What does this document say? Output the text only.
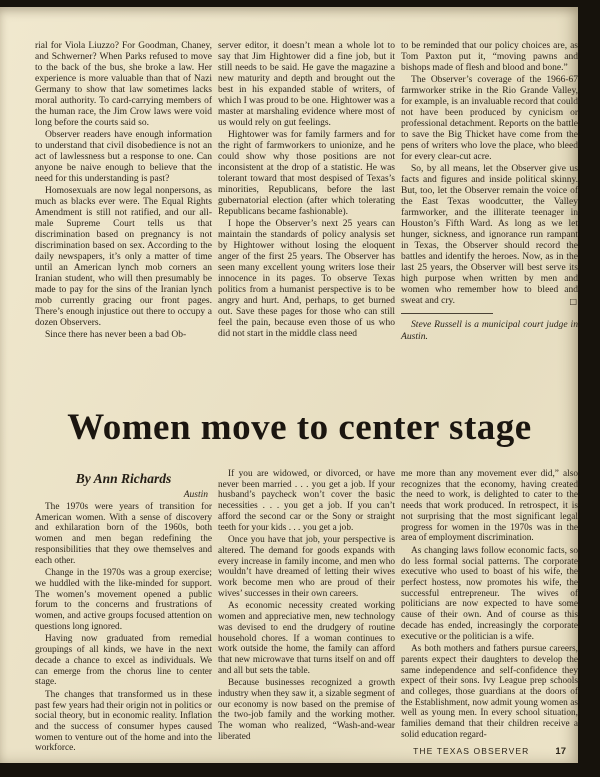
rial for Viola Liuzzo? For Goodman, Chaney, and Schwerner? When Parks refused to move to the back of the bus, she broke a law. Her experience is more valuable than that of Nazi Germany to show that law sometimes lacks moral authority. To card-carrying members of the human race, the Jim Crow laws were void long before the courts said so.

Observer readers have enough information to understand that civil disobedience is not an act of lawlessness but a response to one. Can anyone be naive enough to believe that the need for this understanding is past?

Homosexuals are now legal nonpersons, as much as blacks ever were. The Equal Rights Amendment is still not ratified, and our all-male Supreme Court tells us that discrimination based on pregnancy is not discrimination based on sex. According to the daily newspapers, it’s only a matter of time until an American lynch mob corners an Iranian student, who will then presumably be made to pay for the sins of the Iranian lynch mob currently gracing our front pages. There’s enough injustice out there to occupy a dozen Observers.

Since there has never been a bad Ob-

server editor, it doesn’t mean a whole lot to say that Jim Hightower did a fine job, but it still needs to be said. He gave the magazine a new maturity and depth and brought out the best in his expanded stable of writers, of which I was proud to be one. Hightower was a master at marshaling evidence where most of us would rely on gut feelings.

Hightower was for family farmers and for the right of farmworkers to unionize, and he could show why those positions are not inconsistent at the drop of a statistic. He was tolerant toward that most despised of Texas’s minorities, Republicans, before the last gubernatorial election (after which tolerating Republicans became fashionable).

I hope the Observer’s next 25 years can maintain the standards of policy analysis set by Hightower without losing the eloquent anger of the first 25 years. The Observer has seen many excellent young writers lose their innocence in its pages. To observe Texas politics from a humanist perspective is to be angry and hurt. And, perhaps, to get burned out. Save these pages for those who can still feel the pain, because even those of us who did not start in the middle class need

to be reminded that our policy choices are, as Tom Paxton put it, “moving pawns and bishops made of flesh and blood and bone.”

The Observer’s coverage of the 1966-67 farmworker strike in the Rio Grande Valley, for example, is an invaluable record that could not have been produced by cynicism or professional detachment. Reports on the battle to save the Big Thicket have come from the pens of writers who love the place, who bleed for every clear-cut acre.

So, by all means, let the Observer give us facts and figures and inside political skinny. But, too, let the Observer remain the voice of the East Texas woodcutter, the Valley farmworker, and the illiterate teenager in Houston’s Fifth Ward. As long as we let hunger, sickness, and ignorance run rampant in Texas, the Observer should record the battles and identify the heroes. Now, as in the last 25 years, the Observer will best serve its high purpose when written by men and women who remember how to bleed and sweat and cry.	□

Steve Russell is a municipal court judge in Austin.

Women move to center stage

By Ann Richards

Austin

The 1970s were years of transition for American women. With a sense of discovery and exhilaration born of the 1960s, both women and men began redefining the responsibilities that they owe themselves and each other.

Change in the 1970s was a group exercise; we huddled with the like-minded for support. The women’s movement opened a public forum to the concerns and frustrations of women, and active groups focused attention on questions long ignored.

Having now graduated from remedial groupings of all kinds, we have in the next decade a chance to excel as individuals. We can emerge from the chorus line to center stage.

The changes that transformed us in these past few years had their origin not in politics or social theory, but in economic reality. Inflation and the success of consumer hypes caused women to venture out of the home and into the workforce.

If you are widowed, or divorced, or have never been married . . . you get a job. If your husband’s paycheck won’t cover the basic necessities . . . you get a job. If you can’t afford the second car or the Sony or straight teeth for your kids . . . you get a job.

Once you have that job, your perspective is altered. The demand for goods expands with every increase in family income, and men who wouldn’t have dreamed of letting their wives work become men who are proud of their wives’ successes in their own careers.

As economic necessity created working women and appreciative men, new technology was devised to end the drudgery of routine household chores. If a woman continues to work outside the home, the family can afford that new microwave that turns itself on and off and all but sets the table.

Because businesses recognized a growth industry when they saw it, a sizable segment of our economy is now based on the premise of the two-job family and the working mother. The woman who realized, “Wash-and-wear liberated

me more than any movement ever did,” also recognizes that the economy, having created the need to work, is delighted to cater to the needs that work produced. In retrospect, it is not surprising that the most significant legal progress for women in the 1970s was in the area of employment discrimination.

As changing laws follow economic facts, so do less formal social patterns. The corporate executive who used to boast of his wife, the perfect hostess, now promotes his wife, the successful entrepreneur. The wives of politicians are now expected to have some cause of their own. And of course as this decade has ended, increasingly the corporate executive or the politician is a wife.

As both mothers and fathers pursue careers, parents expect their daughters to develop the same independence and self-confidence they expect of their sons. Ivy League prep schools and colleges, those guardians at the doors of the Establishment, now admit young women as well as young men. In every school situation, families demand that their children receive a solid education regard-

THE TEXAS OBSERVER	17
